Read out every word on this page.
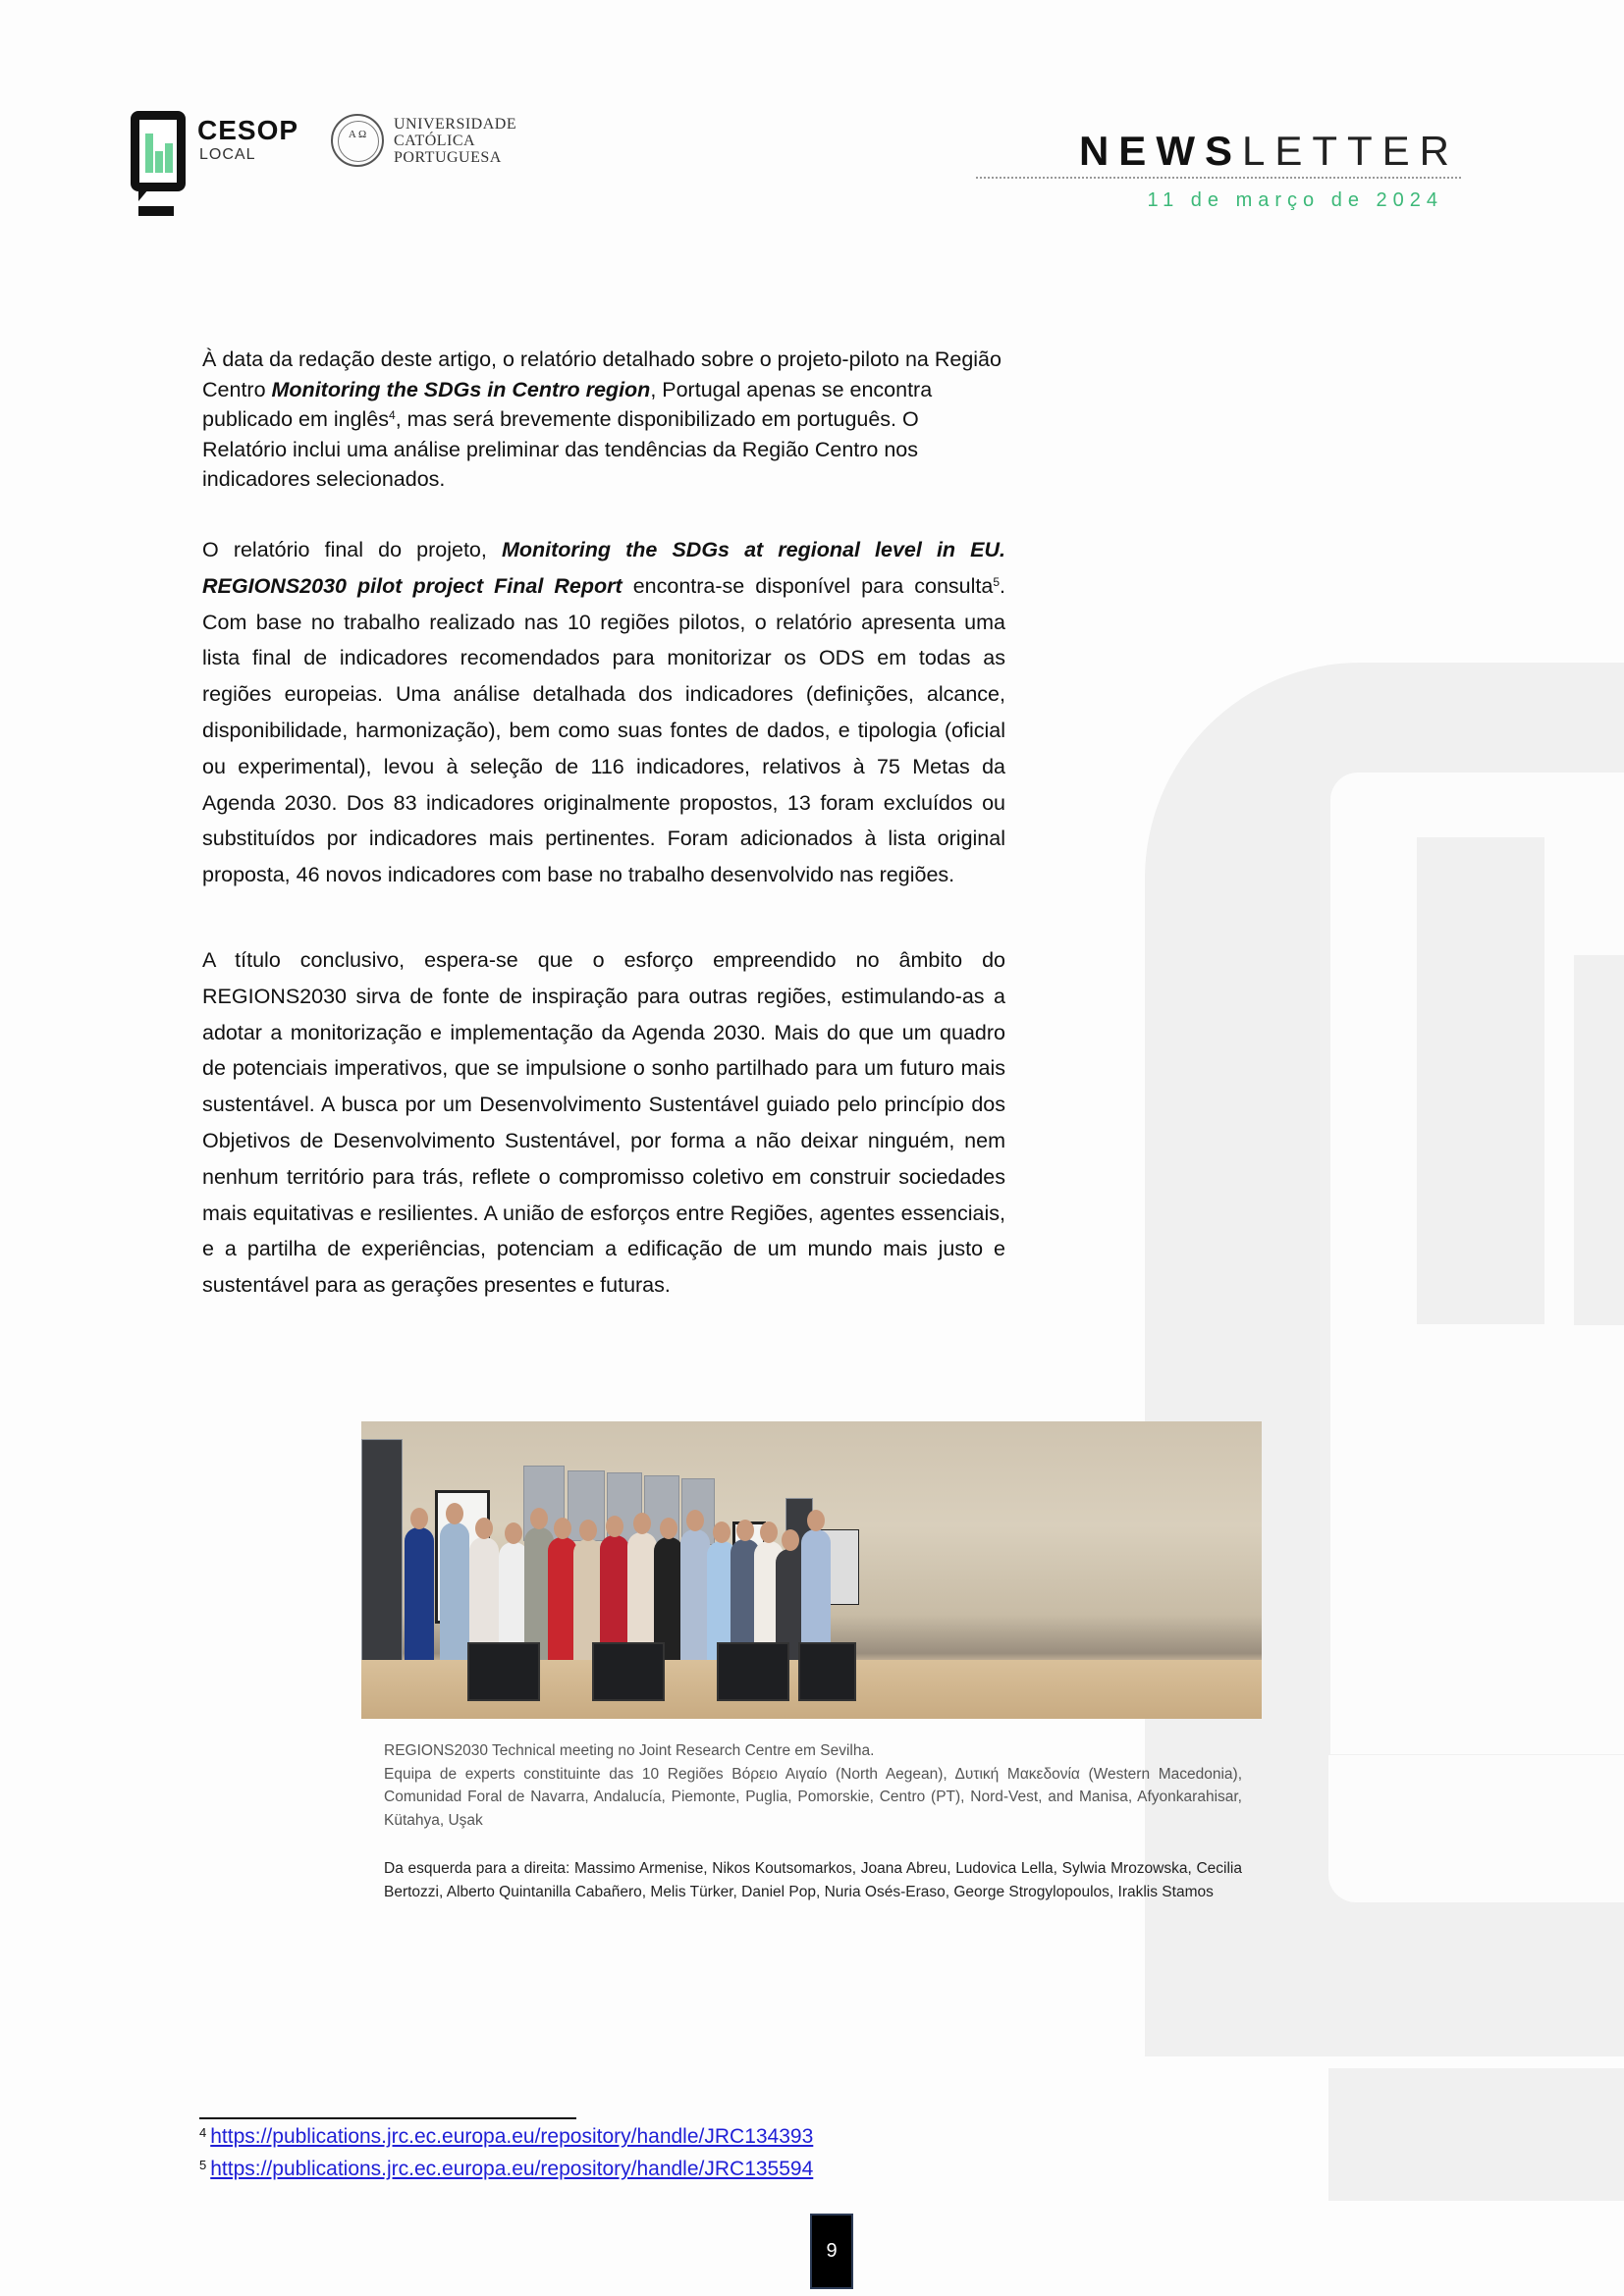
CESOP
LOCAL
A Ω
UNIVERSIDADE
CATÓLICA
PORTUGUESA	NEWSLETTER
11 de março de 2024
À data da redação deste artigo, o relatório detalhado sobre o projeto-piloto na Região Centro Monitoring the SDGs in Centro region, Portugal apenas se encontra publicado em inglês$^4$, mas será brevemente disponibilizado em português. O Relatório inclui uma análise preliminar das tendências da Região Centro nos indicadores selecionados.
O relatório final do projeto, Monitoring the SDGs at regional level in EU. REGIONS2030 pilot project Final Report encontra-se disponível para consulta$^5$. Com base no trabalho realizado nas 10 regiões pilotos, o relatório apresenta uma lista final de indicadores recomendados para monitorizar os ODS em todas as regiões europeias. Uma análise detalhada dos indicadores (definições, alcance, disponibilidade, harmonização), bem como suas fontes de dados, e tipologia (oficial ou experimental), levou à seleção de 116 indicadores, relativos à 75 Metas da Agenda 2030. Dos 83 indicadores originalmente propostos, 13 foram excluídos ou substituídos por indicadores mais pertinentes. Foram adicionados à lista original proposta, 46 novos indicadores com base no trabalho desenvolvido nas regiões.
A título conclusivo, espera-se que o esforço empreendido no âmbito do REGIONS2030 sirva de fonte de inspiração para outras regiões, estimulando-as a adotar a monitorização e implementação da Agenda 2030. Mais do que um quadro de potenciais imperativos, que se impulsione o sonho partilhado para um futuro mais sustentável. A busca por um Desenvolvimento Sustentável guiado pelo princípio dos Objetivos de Desenvolvimento Sustentável, por forma a não deixar ninguém, nem nenhum território para trás, reflete o compromisso coletivo em construir sociedades mais equitativas e resilientes. A união de esforços entre Regiões, agentes essenciais, e a partilha de experiências, potenciam a edificação de um mundo mais justo e sustentável para as gerações presentes e futuras.
REGIONS2030 Technical meeting no Joint Research Centre em Sevilha.
Equipa de experts constituinte das 10 Regiões Βόρειο Αιγαίο (North Aegean), Δυτική Μακεδονία (Western Macedonia), Comunidad Foral de Navarra, Andalucía, Piemonte, Puglia, Pomorskie, Centro (PT), Nord-Vest, and Manisa, Afyonkarahisar, Kütahya, Uşak
Da esquerda para a direita: Massimo Armenise, Nikos Koutsomarkos, Joana Abreu, Ludovica Lella, Sylwia Mrozowska, Cecilia Bertozzi, Alberto Quintanilla Cabañero, Melis Türker, Daniel Pop, Nuria Osés-Eraso, George Strogylopoulos, Iraklis Stamos
$^4$ https://publications.jrc.ec.europa.eu/repository/handle/JRC134393
$^5$ https://publications.jrc.ec.europa.eu/repository/handle/JRC135594
9
